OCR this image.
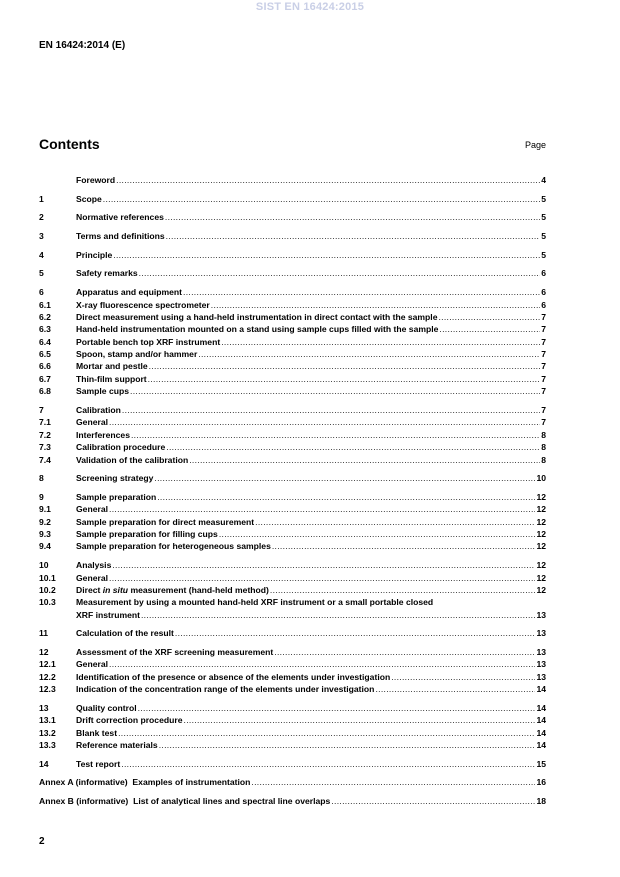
SIST EN 16424:2015
EN 16424:2014 (E)
Contents	Page
Foreword .....	4
1	Scope .....	5
2	Normative references .....	5
3	Terms and definitions .....	5
4	Principle .....	5
5	Safety remarks .....	6
6	Apparatus and equipment .....	6
6.1	X-ray fluorescence spectrometer .....	6
6.2	Direct measurement using a hand-held instrumentation in direct contact with the sample .....	7
6.3	Hand-held instrumentation mounted on a stand using sample cups filled with the sample .....	7
6.4	Portable bench top XRF instrument .....	7
6.5	Spoon, stamp and/or hammer .....	7
6.6	Mortar and pestle .....	7
6.7	Thin-film support .....	7
6.8	Sample cups .....	7
7	Calibration .....	7
7.1	General .....	7
7.2	Interferences .....	8
7.3	Calibration procedure .....	8
7.4	Validation of the calibration .....	8
8	Screening strategy .....	10
9	Sample preparation .....	12
9.1	General .....	12
9.2	Sample preparation for direct measurement .....	12
9.3	Sample preparation for filling cups .....	12
9.4	Sample preparation for heterogeneous samples .....	12
10	Analysis .....	12
10.1	General .....	12
10.2	Direct in situ measurement (hand-held method) .....	12
10.3	Measurement by using a mounted hand-held XRF instrument or a small portable closed
XRF instrument .....	13
11	Calculation of the result .....	13
12	Assessment of the XRF screening measurement .....	13
12.1	General .....	13
12.2	Identification of the presence or absence of the elements under investigation .....	13
12.3	Indication of the concentration range of the elements under investigation .....	14
13	Quality control .....	14
13.1	Drift correction procedure .....	14
13.2	Blank test .....	14
13.3	Reference materials .....	14
14	Test report .....	15
Annex A (informative)  Examples of instrumentation .....	16
Annex B (informative)  List of analytical lines and spectral line overlaps .....	18
2
